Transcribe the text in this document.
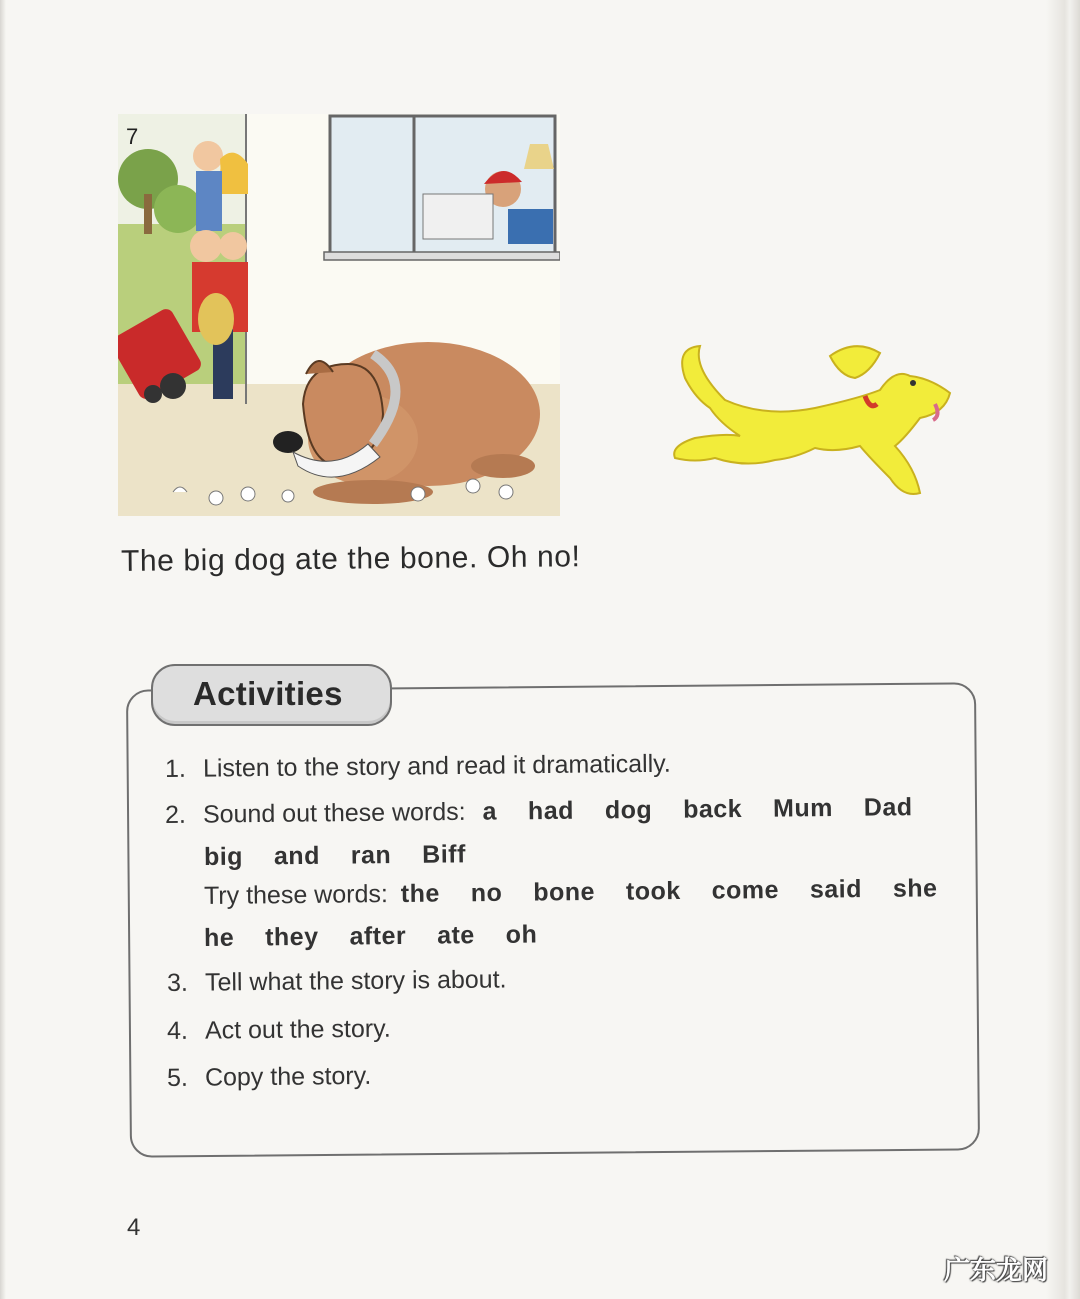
7
The big dog ate the bone. Oh no!
Activities
1. Listen to the story and read it dramatically.
2. Sound out these words: a had dog back Mum Dad
big and ran Biff
Try these words: the no bone took come said she
he they after ate oh
3. Tell what the story is about.
4. Act out the story.
5. Copy the story.
4
广东龙网
